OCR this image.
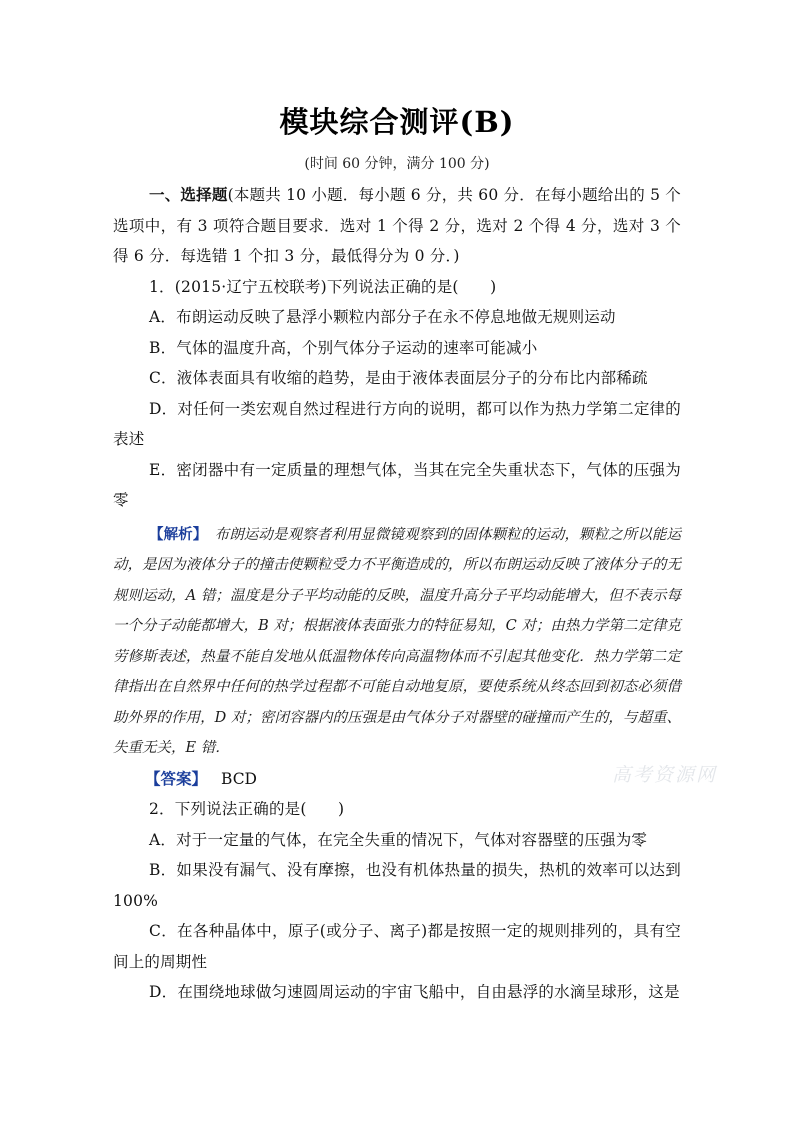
模块综合测评(B)
(时间 60 分钟，满分 100 分)

一、选择题(本题共 10 小题．每小题 6 分，共 60 分．在每小题给出的 5 个选项中，有 3 项符合题目要求．选对 1 个得 2 分，选对 2 个得 4 分，选对 3 个得 6 分．每选错 1 个扣 3 分，最低得分为 0 分．)

1．(2015·辽宁五校联考)下列说法正确的是(　　)

A．布朗运动反映了悬浮小颗粒内部分子在永不停息地做无规则运动

B．气体的温度升高，个别气体分子运动的速率可能减小

C．液体表面具有收缩的趋势，是由于液体表面层分子的分布比内部稀疏

D．对任何一类宏观自然过程进行方向的说明，都可以作为热力学第二定律的表述

E．密闭器中有一定质量的理想气体，当其在完全失重状态下，气体的压强为零

【解析】　 布朗运动是观察者利用显微镜观察到的固体颗粒的运动，颗粒之所以能运动，是因为液体分子的撞击使颗粒受力不平衡造成的，所以布朗运动反映了液体分子的无规则运动，A 错；温度是分子平均动能的反映，温度升高分子平均动能增大，但不表示每一个分子动能都增大，B 对；根据液体表面张力的特征易知，C 对；由热力学第二定律克劳修斯表述，热量不能自发地从低温物体传向高温物体而不引起其他变化．热力学第二定律指出在自然界中任何的热学过程都不可能自动地复原，要使系统从终态回到初态必须借助外界的作用，D 对；密闭容器内的压强是由气体分子对器壁的碰撞而产生的，与超重、失重无关，E 错．

【答案】 BCD

2．下列说法正确的是(　　)

A．对于一定量的气体，在完全失重的情况下，气体对容器壁的压强为零

B．如果没有漏气、没有摩擦，也没有机体热量的损失，热机的效率可以达到 100%

C．在各种晶体中，原子(或分子、离子)都是按照一定的规则排列的，具有空间上的周期性

D．在围绕地球做匀速圆周运动的宇宙飞船中，自由悬浮的水滴呈球形，这是

高考资源网
